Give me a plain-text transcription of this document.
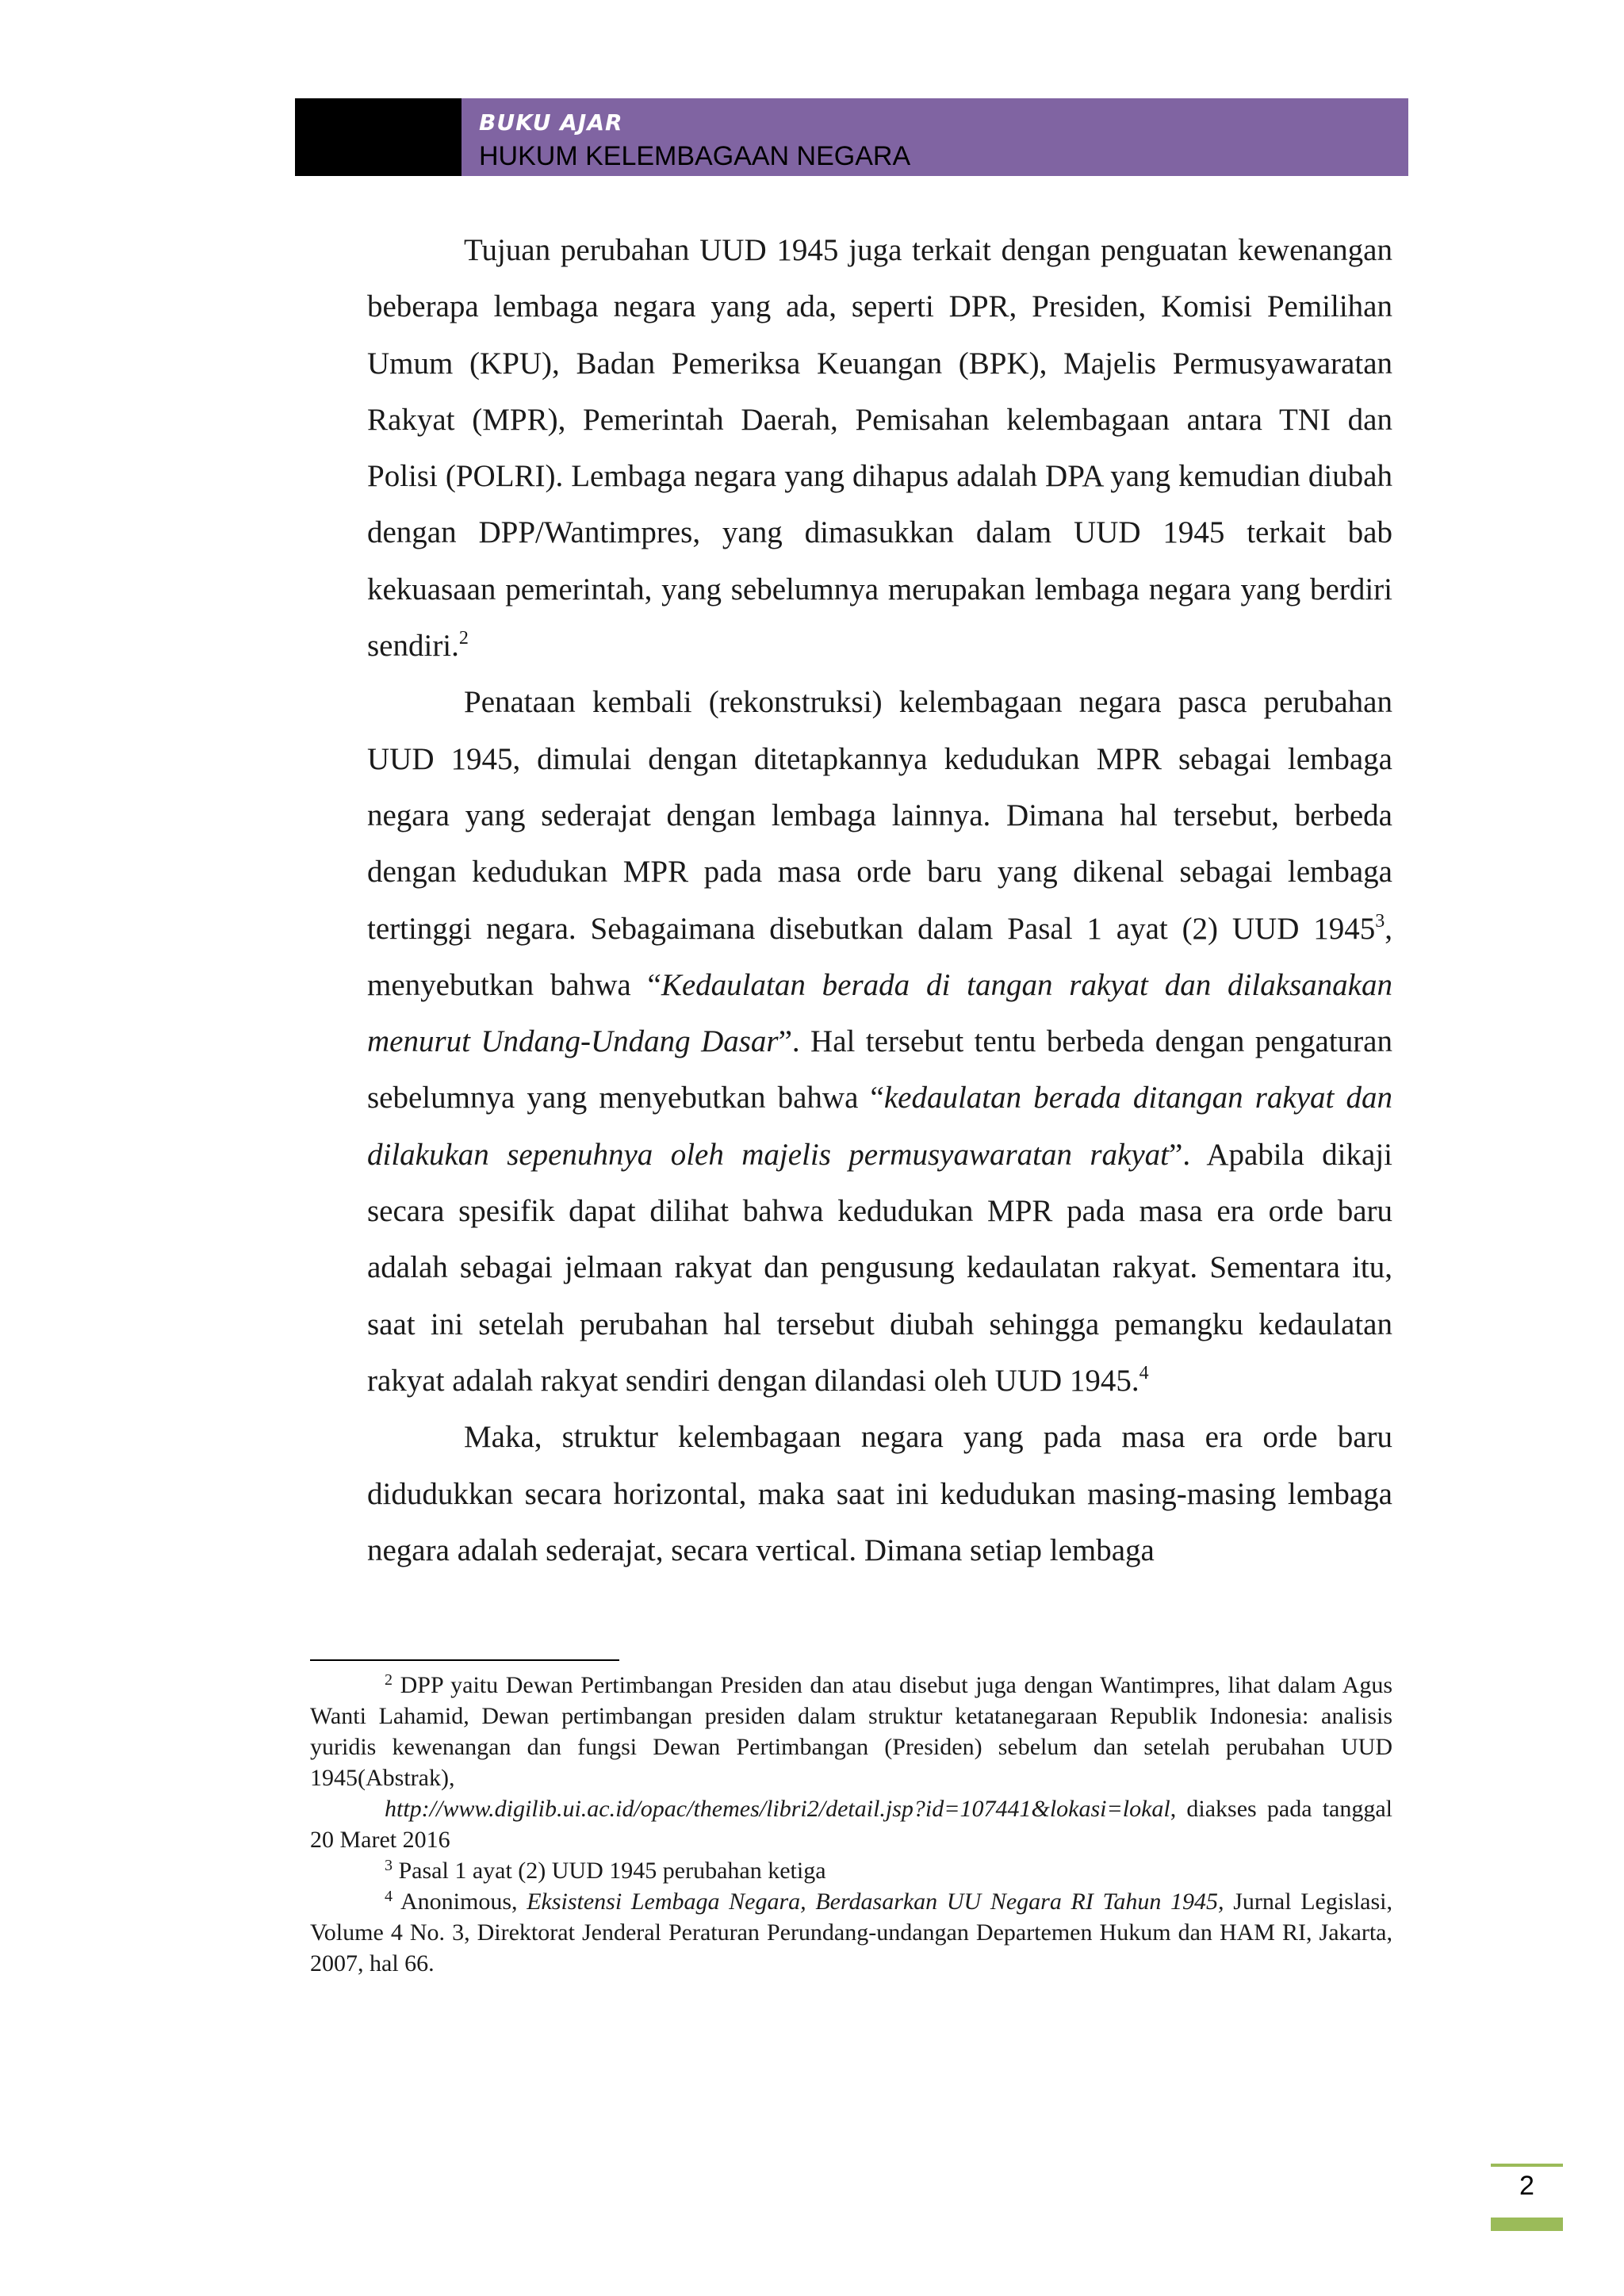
BUKU AJAR
HUKUM KELEMBAGAAN NEGARA

Tujuan perubahan UUD 1945 juga terkait dengan penguatan kewenangan beberapa lembaga negara yang ada, seperti DPR, Presiden, Komisi Pemilihan Umum (KPU), Badan Pemeriksa Keuangan (BPK), Majelis Permusyawaratan Rakyat (MPR), Pemerintah Daerah, Pemisahan kelembagaan antara TNI dan Polisi (POLRI). Lembaga negara yang dihapus adalah DPA yang kemudian diubah dengan DPP/Wantimpres, yang dimasukkan dalam UUD 1945 terkait bab kekuasaan pemerintah, yang sebelumnya merupakan lembaga negara yang berdiri sendiri.$^2$

Penataan kembali (rekonstruksi) kelembagaan negara pasca perubahan UUD 1945, dimulai dengan ditetapkannya kedudukan MPR sebagai lembaga negara yang sederajat dengan lembaga lainnya. Dimana hal tersebut, berbeda dengan kedudukan MPR pada masa orde baru yang dikenal sebagai lembaga tertinggi negara. Sebagaimana disebutkan dalam Pasal 1 ayat (2) UUD 1945$^3$, menyebutkan bahwa “Kedaulatan berada di tangan rakyat dan dilaksanakan menurut Undang-Undang Dasar”. Hal tersebut tentu berbeda dengan pengaturan sebelumnya yang menyebutkan bahwa “kedaulatan berada ditangan rakyat dan dilakukan sepenuhnya oleh majelis permusyawaratan rakyat”. Apabila dikaji secara spesifik dapat dilihat bahwa kedudukan MPR pada masa era orde baru adalah sebagai jelmaan rakyat dan pengusung kedaulatan rakyat. Sementara itu, saat ini setelah perubahan hal tersebut diubah sehingga pemangku kedaulatan rakyat adalah rakyat sendiri dengan dilandasi oleh UUD 1945.$^4$

Maka, struktur kelembagaan negara yang pada masa era orde baru didudukkan secara horizontal, maka saat ini kedudukan masing-masing lembaga negara adalah sederajat, secara vertical. Dimana setiap lembaga

$^2$ DPP yaitu Dewan Pertimbangan Presiden dan atau disebut juga dengan Wantimpres, lihat dalam Agus Wanti Lahamid, Dewan pertimbangan presiden dalam struktur ketatanegaraan Republik Indonesia: analisis yuridis kewenangan dan fungsi Dewan Pertimbangan (Presiden) sebelum dan setelah perubahan UUD 1945(Abstrak),

http://www.digilib.ui.ac.id/opac/themes/libri2/detail.jsp?id=107441&lokasi=lokal, diakses pada tanggal 20 Maret 2016

$^3$ Pasal 1 ayat (2) UUD 1945 perubahan ketiga

$^4$ Anonimous, Eksistensi Lembaga Negara, Berdasarkan UU Negara RI Tahun 1945, Jurnal Legislasi, Volume 4 No. 3, Direktorat Jenderal Peraturan Perundang-undangan Departemen Hukum dan HAM RI, Jakarta, 2007, hal 66.

2
